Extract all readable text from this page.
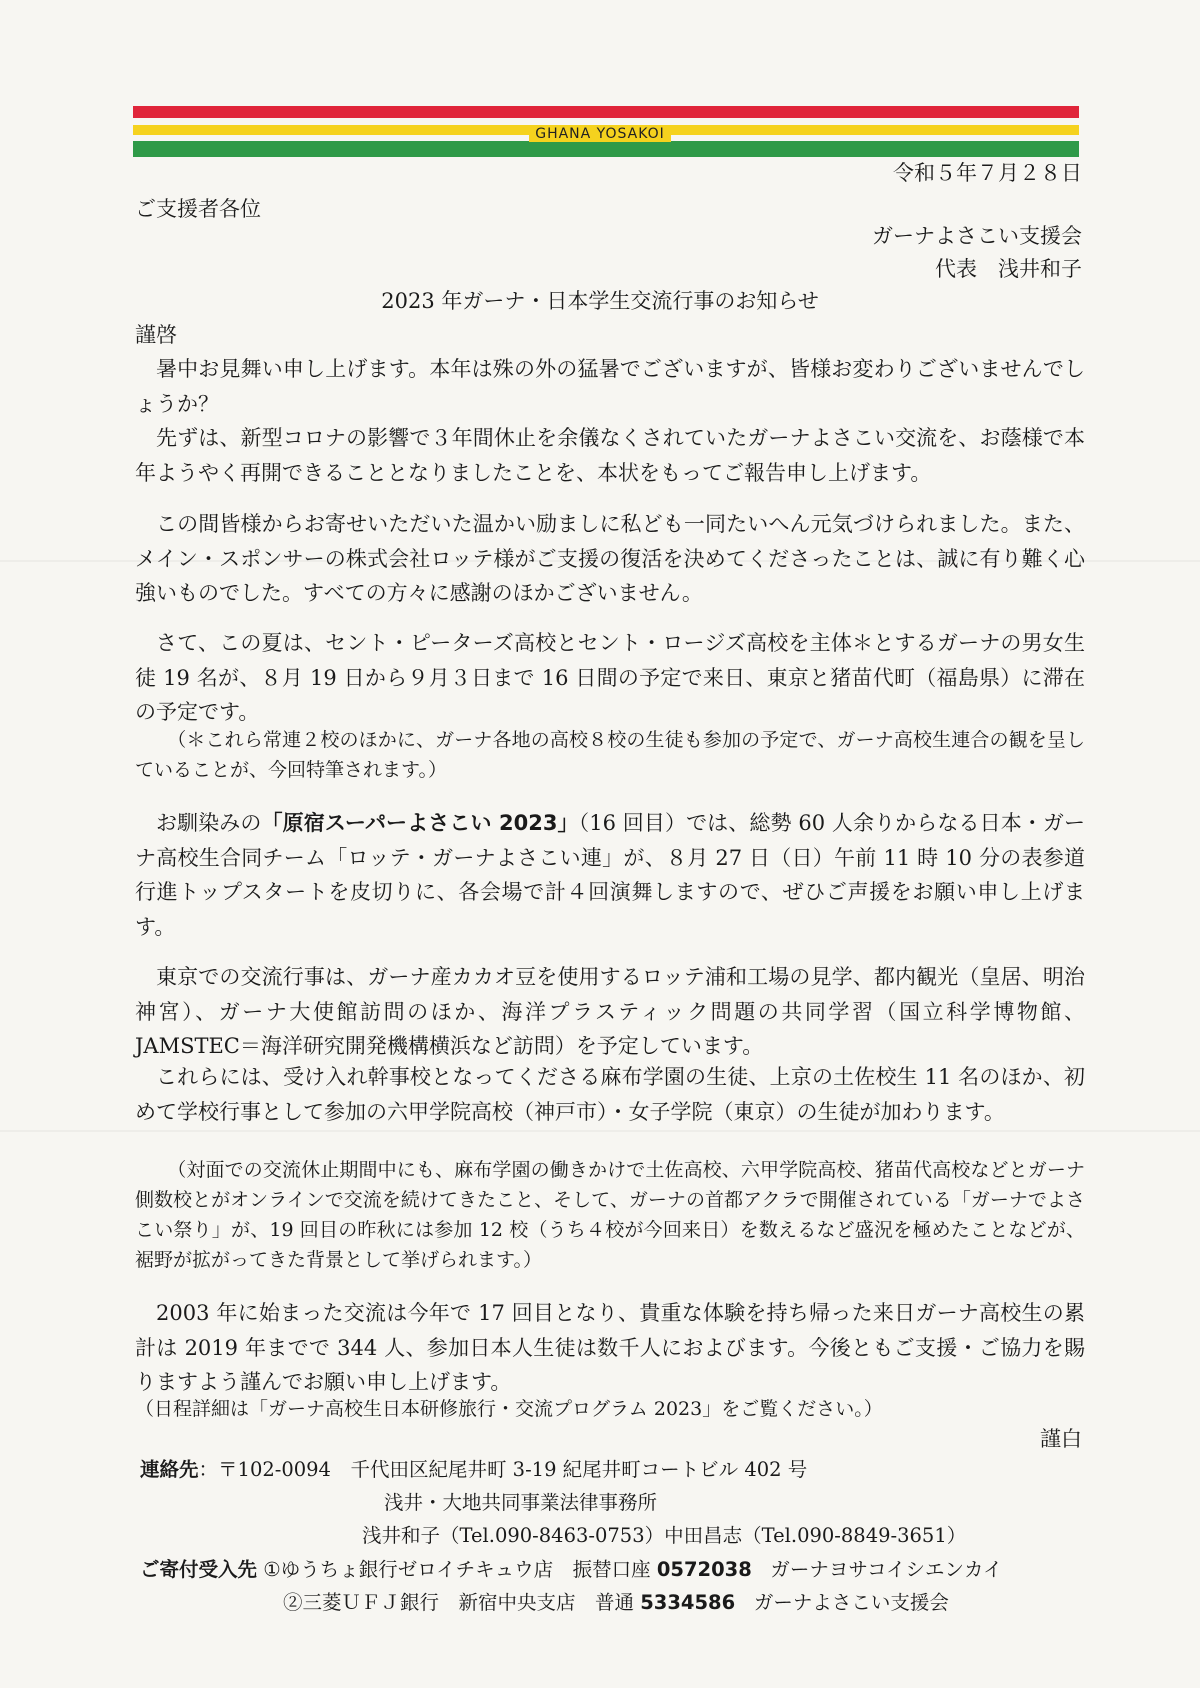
GHANA YOSAKOI
令和５年７月２８日
ご支援者各位
ガーナよさこい支援会
代表　浅井和子
2023 年ガーナ・日本学生交流行事のお知らせ
謹啓
暑中お見舞い申し上げます。本年は殊の外の猛暑でございますが、皆様お変わりございませんでしょうか？
先ずは、新型コロナの影響で３年間休止を余儀なくされていたガーナよさこい交流を、お蔭様で本年ようやく再開できることとなりましたことを、本状をもってご報告申し上げます。
この間皆様からお寄せいただいた温かい励ましに私ども一同たいへん元気づけられました。また、メイン・スポンサーの株式会社ロッテ様がご支援の復活を決めてくださったことは、誠に有り難く心強いものでした。すべての方々に感謝のほかございません。
さて、この夏は、セント・ピーターズ高校とセント・ロージズ高校を主体＊とするガーナの男女生徒 19 名が、８月 19 日から９月３日まで 16 日間の予定で来日、東京と猪苗代町（福島県）に滞在の予定です。
（＊これら常連２校のほかに、ガーナ各地の高校８校の生徒も参加の予定で、ガーナ高校生連合の観を呈していることが、今回特筆されます。）
お馴染みの「原宿スーパーよさこい 2023」（16 回目）では、総勢 60 人余りからなる日本・ガーナ高校生合同チーム「ロッテ・ガーナよさこい連」が、８月 27 日（日）午前 11 時 10 分の表参道行進トップスタートを皮切りに、各会場で計４回演舞しますので、ぜひご声援をお願い申し上げます。
東京での交流行事は、ガーナ産カカオ豆を使用するロッテ浦和工場の見学、都内観光（皇居、明治神宮）、ガーナ大使館訪問のほか、海洋プラスティック問題の共同学習（国立科学博物館、JAMSTEC＝海洋研究開発機構横浜など訪問）を予定しています。
これらには、受け入れ幹事校となってくださる麻布学園の生徒、上京の土佐校生 11 名のほか、初めて学校行事として参加の六甲学院高校（神戸市）・女子学院（東京）の生徒が加わります。
（対面での交流休止期間中にも、麻布学園の働きかけで土佐高校、六甲学院高校、猪苗代高校などとガーナ側数校とがオンラインで交流を続けてきたこと、そして、ガーナの首都アクラで開催されている「ガーナでよさこい祭り」が、19 回目の昨秋には参加 12 校（うち４校が今回来日）を数えるなど盛況を極めたことなどが、裾野が拡がってきた背景として挙げられます。）
2003 年に始まった交流は今年で 17 回目となり、貴重な体験を持ち帰った来日ガーナ高校生の累計は 2019 年までで 344 人、参加日本人生徒は数千人におよびます。今後ともご支援・ご協力を賜りますよう謹んでお願い申し上げます。
（日程詳細は「ガーナ高校生日本研修旅行・交流プログラム 2023」をご覧ください。）
謹白
連絡先：〒102-0094　千代田区紀尾井町 3-19 紀尾井町コートビル 402 号
浅井・大地共同事業法律事務所
浅井和子（Tel.090-8463-0753）中田昌志（Tel.090-8849-3651）
ご寄付受入先 ①ゆうちょ銀行ゼロイチキュウ店　振替口座 0572038 ガーナヨサコイシエンカイ
②三菱ＵＦＪ銀行　新宿中央支店　普通 5334586 ガーナよさこい支援会
